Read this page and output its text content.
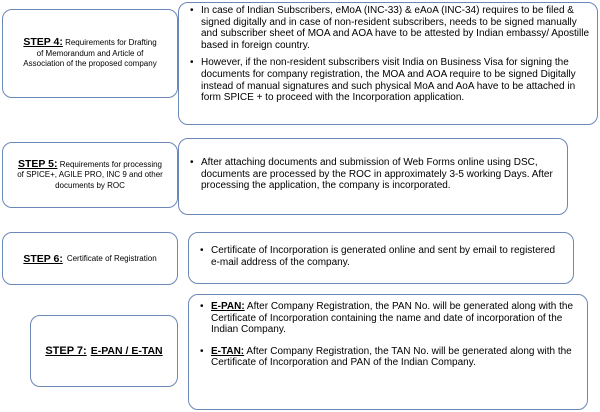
STEP 4: Requirements for Drafting
of Memorandum and Article of
Association of the proposed company
• In case of Indian Subscribers, eMoA (INC-33) & eAoA (INC-34) requires to be filed & signed digitally and in case of non-resident subscribers, needs to be signed manually and subscriber sheet of MOA and AOA have to be attested by Indian embassy/ Apostille based in foreign country.
• However, if the non-resident subscribers visit India on Business Visa for signing the documents for company registration, the MOA and AOA require to be signed Digitally instead of manual signatures and such physical MoA and AoA have to be attached in form SPICE + to proceed with the Incorporation application.
STEP 5: Requirements for processing
of SPICE+, AGILE PRO, INC 9 and other
documents by ROC
• After attaching documents and submission of Web Forms online using DSC, documents are processed by the ROC in approximately 3-5 working Days. After processing the application, the company is incorporated.
STEP 6: Certificate of Registration
• Certificate of Incorporation is generated online and sent by email to registered e-mail address of the company.
STEP 7: E-PAN / E-TAN
• E-PAN: After Company Registration, the PAN No. will be generated along with the Certificate of Incorporation containing the name and date of incorporation of the Indian Company.
• E-TAN: After Company Registration, the TAN No. will be generated along with the Certificate of Incorporation and PAN of the Indian Company.
